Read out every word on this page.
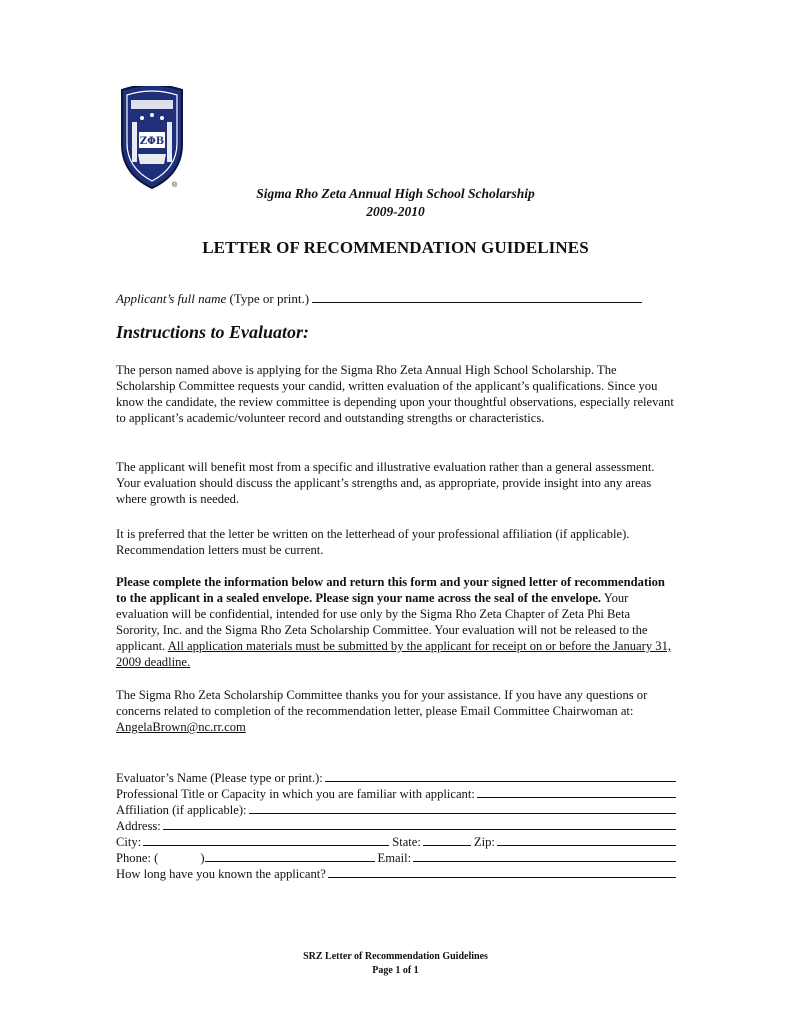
ΖΦΒ
®
Sigma Rho Zeta Annual High School Scholarship
2009-2010
LETTER OF RECOMMENDATION GUIDELINES
Applicant’s full name (Type or print.)
Instructions to Evaluator:
The person named above is applying for the Sigma Rho Zeta Annual High School Scholarship. The Scholarship Committee requests your candid, written evaluation of the applicant’s qualifications. Since you know the candidate, the review committee is depending upon your thoughtful observations, especially relevant to applicant’s academic/volunteer record and outstanding strengths or characteristics.
The applicant will benefit most from a specific and illustrative evaluation rather than a general assessment. Your evaluation should discuss the applicant’s strengths and, as appropriate, provide insight into any areas where growth is needed.
It is preferred that the letter be written on the letterhead of your professional affiliation (if applicable). Recommendation letters must be current.
Please complete the information below and return this form and your signed letter of recommendation to the applicant in a sealed envelope. Please sign your name across the seal of the envelope. Your evaluation will be confidential, intended for use only by the Sigma Rho Zeta Chapter of Zeta Phi Beta Sorority, Inc. and the Sigma Rho Zeta Scholarship Committee. Your evaluation will not be released to the applicant. All application materials must be submitted by the applicant for receipt on or before the January 31, 2009 deadline.
The Sigma Rho Zeta Scholarship Committee thanks you for your assistance. If you have any questions or concerns related to completion of the recommendation letter, please Email Committee Chairwoman at: AngelaBrown@nc.rr.com
Evaluator’s Name (Please type or print.):
Professional Title or Capacity in which you are familiar with applicant:
Affiliation (if applicable):
Address:
City:	State:	Zip:
Phone: (	)	Email:
How long have you known the applicant?
SRZ Letter of Recommendation Guidelines
Page 1 of 1
